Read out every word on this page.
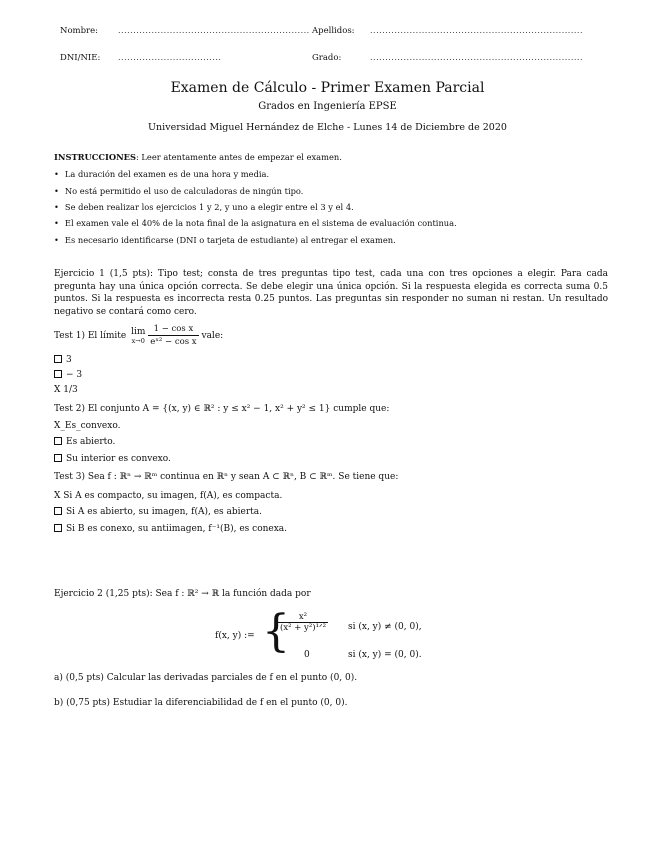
Nombre: ............................................................... Apellidos: ......................................................................
DNI/NIE: ..................................	Grado:	......................................................................
Examen de Cálculo - Primer Examen Parcial
Grados en Ingeniería EPSE
Universidad Miguel Hernández de Elche - Lunes 14 de Diciembre de 2020
INSTRUCCIONES: Leer atentamente antes de empezar el examen.
• La duración del examen es de una hora y media.
• No está permitido el uso de calculadoras de ningún tipo.
• Se deben realizar los ejercicios 1 y 2, y uno a elegir entre el 3 y el 4.
• El examen vale el 40% de la nota final de la asignatura en el sistema de evaluación continua.
• Es necesario identificarse (DNI o tarjeta de estudiante) al entregar el examen.
Ejercicio 1 (1,5 pts): Tipo test; consta de tres preguntas tipo test, cada una con tres opciones a elegir. Para cada pregunta hay una única opción correcta. Se debe elegir una única opción. Si la respuesta elegida es correcta suma 0.5 puntos. Si la respuesta es incorrecta resta 0.25 puntos. Las preguntas sin responder no suman ni restan. Un resultado negativo se contará como cero.
Test 1) El límite lim
x→0
$\frac{\text{1 − cos x}}{\text{eˣ² − cos x}}$ vale:
3
− 3
X 1/3
Test 2) El conjunto A = {(x, y) ∈ ℝ² : y ≤ x² − 1, x² + y² ≤ 1} cumple que:
X_Es_convexo.
Es abierto.
Su interior es convexo.
Test 3) Sea f : ℝⁿ → ℝᵐ continua en ℝⁿ y sean A ⊂ ℝⁿ, B ⊂ ℝᵐ. Se tiene que:
X Si A es compacto, su imagen, f(A), es compacta.
Si A es abierto, su imagen, f(A), es abierta.
Si B es conexo, su antiimagen, f⁻¹(B), es conexa.
Ejercicio 2 (1,25 pts): Sea f : ℝ² → ℝ la función dada por
f(x, y) := {
$\frac{\text{x²}}{\text{(x² + y²)¹ᐟ²}}$ si (x, y) ≠ (0, 0),
0	si (x, y) = (0, 0).
a) (0,5 pts) Calcular las derivadas parciales de f en el punto (0, 0).
b) (0,75 pts) Estudiar la diferenciabilidad de f en el punto (0, 0).
